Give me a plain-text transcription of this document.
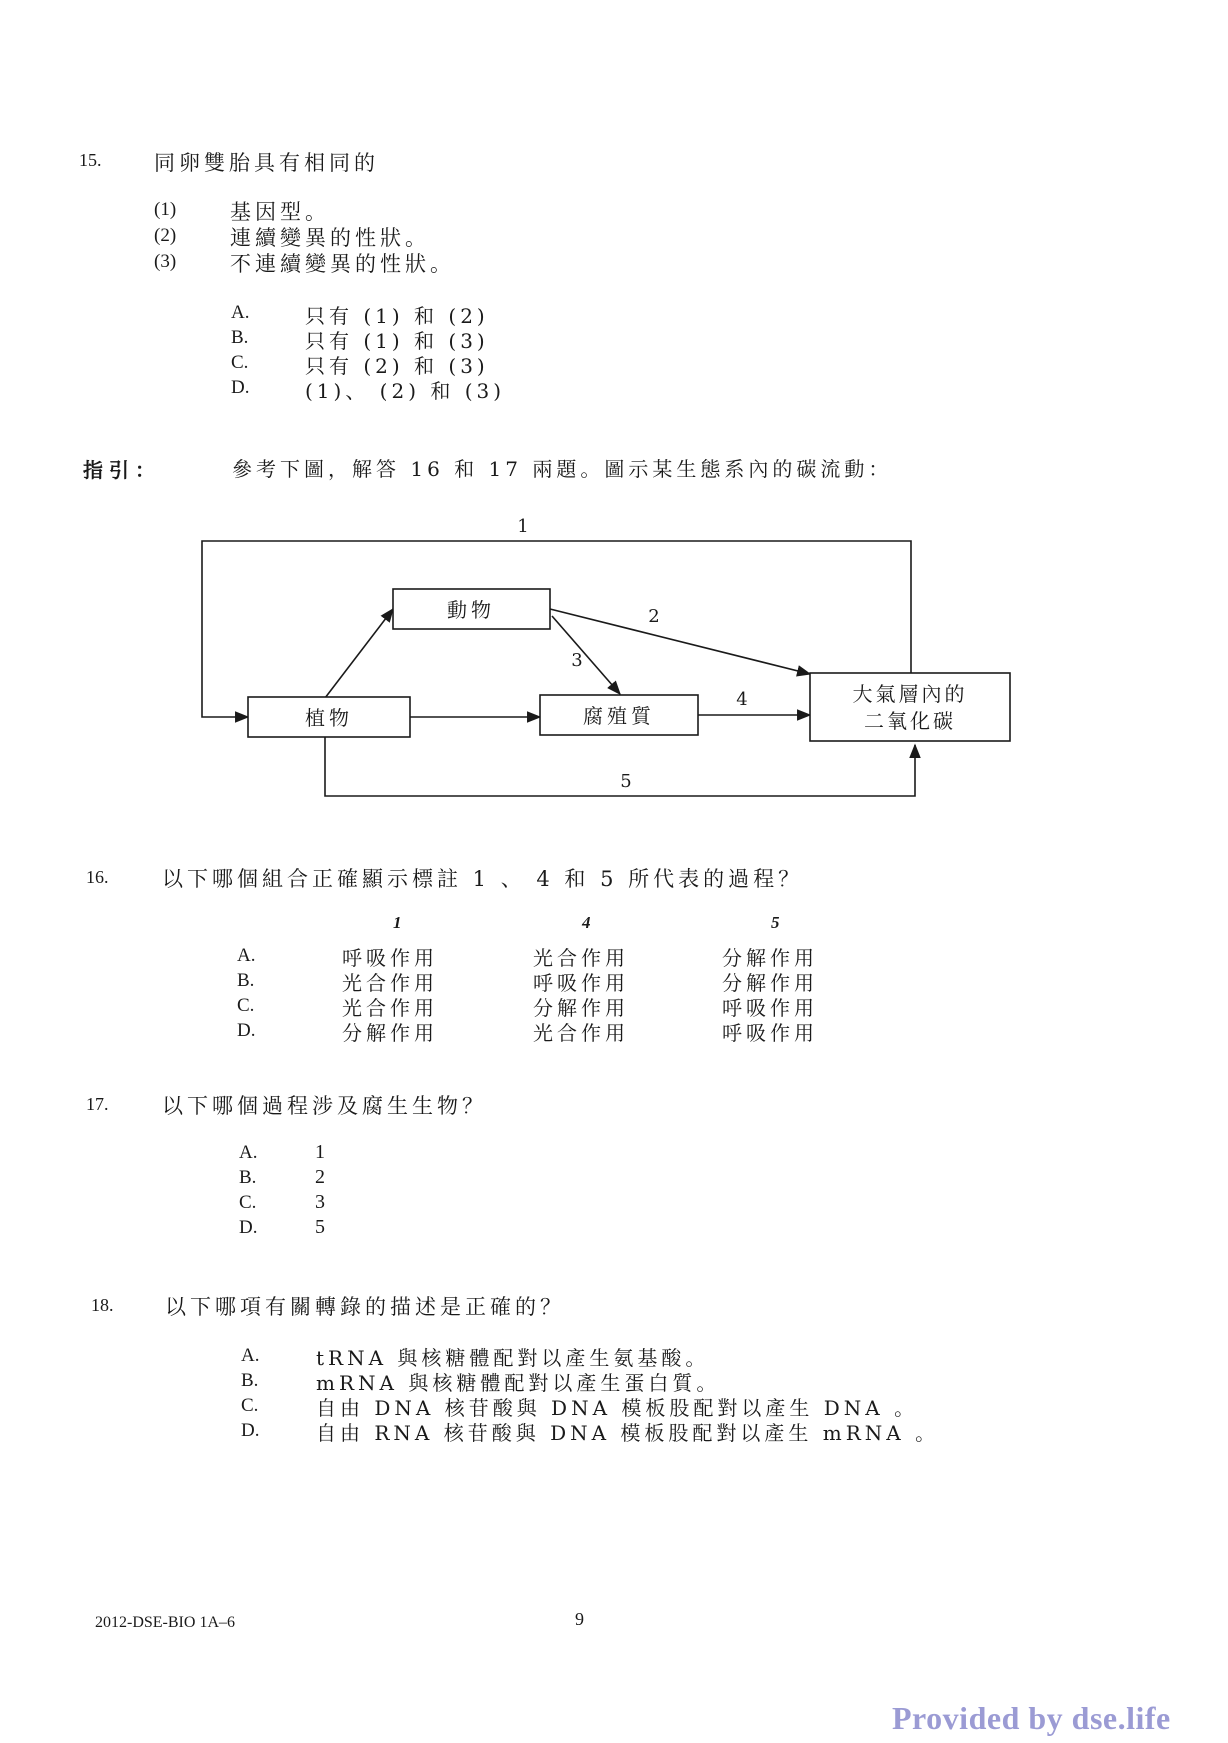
15.	同卵雙胎具有相同的
(1)	基因型。
(2)	連續變異的性狀。
(3)	不連續變異的性狀。
A.	只有 (1) 和 (2)
B.	只有 (1) 和 (3)
C.	只有 (2) 和 (3)
D.	(1)、 (2) 和 (3)
指引：	參考下圖，解答 16 和 17 兩題。圖示某生態系內的碳流動：
動物
植物	腐殖質
大氣層內的
二氧化碳
1
2
3
4
5
16.	以下哪個組合正確顯示標註 1 、 4 和 5 所代表的過程？
1	4	5
A.	呼吸作用	光合作用	分解作用
B.	光合作用	呼吸作用	分解作用
C.	光合作用	分解作用	呼吸作用
D.	分解作用	光合作用	呼吸作用
17.	以下哪個過程涉及腐生生物？
A.	1
B.	2
C.	3
D.	5
18. 以下哪項有關轉錄的描述是正確的？
A.	tRNA 與核糖體配對以產生氨基酸。
B.	mRNA 與核糖體配對以產生蛋白質。
C.	自由 DNA 核苷酸與 DNA 模板股配對以產生 DNA 。
D.	自由 RNA 核苷酸與 DNA 模板股配對以產生 mRNA 。
2012-DSE-BIO 1A–6	9
Provided by dse.life
